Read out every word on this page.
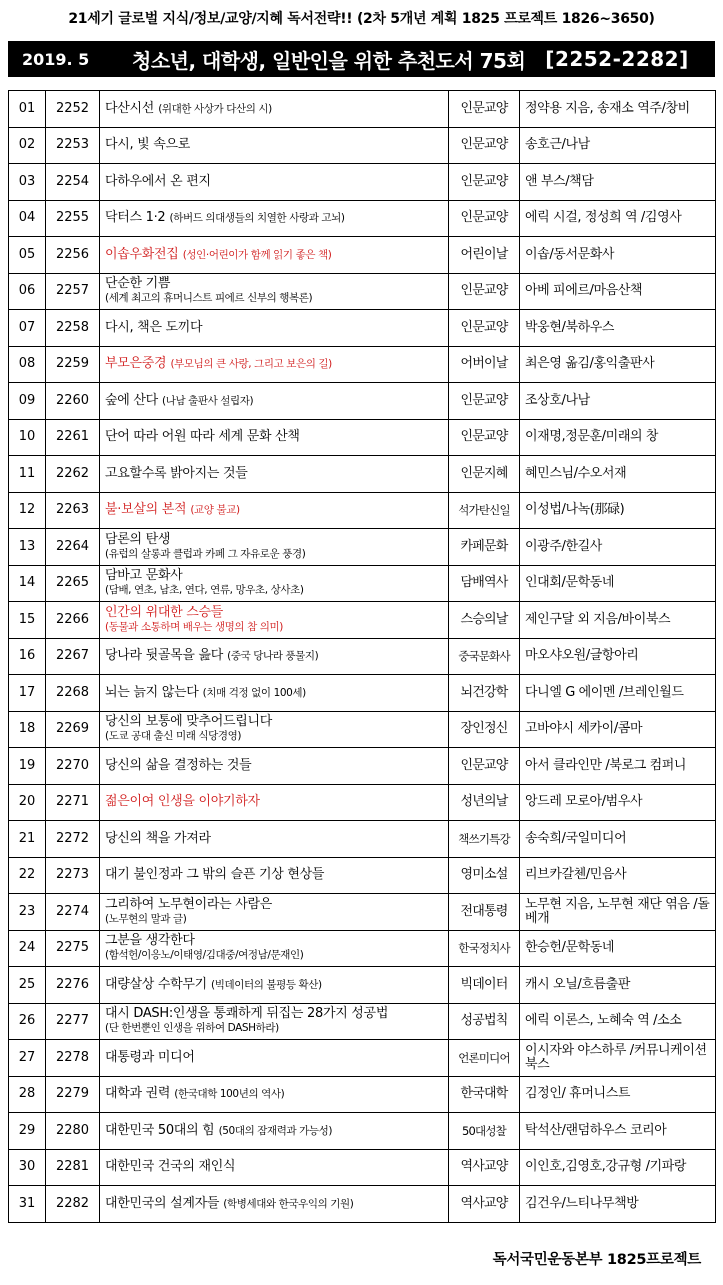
21세기 글로벌 지식/정보/교양/지혜 독서전략!! (2차 5개년 계획 1825 프로젝트 1826~3650)
2019. 5	청소년, 대학생, 일반인을 위한 추천도서 75회 [2252-2282]
01	2252	다산시선 (위대한 사상가 다산의 시)	인문교양	정약용 지음, 송재소 역주/창비
02	2253	다시, 빛 속으로	인문교양	송호근/나남
03	2254	다하우에서 온 편지	인문교양	앤 부스/책담
04	2255	닥터스 1·2 (하버드 의대생들의 치열한 사랑과 고뇌)	인문교양	에릭 시걸, 정성희 역 /김영사
05	2256	이솝우화전집 (성인·어린이가 함께 읽기 좋은 책)	어린이날	이솝/동서문화사
06	2257	단순한 기쁨
(세계 최고의 휴머니스트 피에르 신부의 행복론)	인문교양	아베 피에르/마음산책
07	2258	다시, 책은 도끼다	인문교양	박웅현/북하우스
08	2259	부모은중경 (부모님의 큰 사랑, 그리고 보은의 길)	어버이날	최은영 옮김/홍익출판사
09	2260	숲에 산다 (나남 출판사 설립자)	인문교양	조상호/나남
10	2261	단어 따라 어원 따라 세계 문화 산책	인문교양	이재명,정문훈/미래의 창
11	2262	고요할수록 밝아지는 것들	인문지혜	혜민스님/수오서재
12	2263	불·보살의 본적 (교양 불교)	석가탄신일	이성법/나녹(那碌)
13	2264	담론의 탄생
(유럽의 살롱과 클럽과 카페 그 자유로운 풍경)	카페문화	이광주/한길사
14	2265	담바고 문화사
(담배, 연초, 남초, 연다, 연류, 망우초, 상사초)	담배역사	인대회/문학동네
15	2266	인간의 위대한 스승들
(동물과 소통하며 배우는 생명의 참 의미)	스승의날	제인구달 외 지음/바이북스
16	2267	당나라 뒷골목을 읊다 (중국 당나라 풍물지)	중국문화사	마오샤오원/글항아리
17	2268	뇌는 늙지 않는다 (치매 걱정 없이 100세)	뇌건강학	다니엘 G 에이멘 /브레인월드
18	2269	당신의 보통에 맞추어드립니다
(도쿄 공대 출신 미래 식당경영)	장인정신	고바야시 세카이/콤마
19	2270	당신의 삶을 결정하는 것들	인문교양	아서 클라인만 /북로그 컴퍼니
20	2271	젊은이여 인생을 이야기하자	성년의날	앙드레 모로아/범우사
21	2272	당신의 책을 가져라	책쓰기특강	송숙희/국일미디어
22	2273	대기 불인정과 그 밖의 슬픈 기상 현상들	영미소설	리브카갈첸/민음사
23	2274	그리하여 노무현이라는 사람은
(노무현의 말과 글)	전대통령	노무현 지음, 노무현 재단 엮음 /돌베개
24	2275	그분을 생각한다
(함석헌/이응노/이태영/김대중/여정남/문재인)	한국정치사	한승헌/문학동네
25	2276	대량살상 수학무기 (빅데이터의 불평등 확산)	빅데이터	캐시 오닐/흐름출판
26	2277	대시 DASH:인생을 통쾌하게 뒤집는 28가지 성공법
(단 한번뿐인 인생을 위하여 DASH하라)	성공법칙	에릭 이론스, 노혜숙 역 /소소
27	2278	대통령과 미디어	언론미디어	이시자와 야스하루 /커뮤니케이션 북스
28	2279	대학과 권력 (한국대학 100년의 역사)	한국대학	김정인/ 휴머니스트
29	2280	대한민국 50대의 힘 (50대의 잠재력과 가능성)	50대성찰	탁석산/랜덤하우스 코리아
30	2281	대한민국 건국의 재인식	역사교양	이인호,김영호,강규형 /기파랑
31	2282	대한민국의 설계자들 (학병세대와 한국우익의 기원)	역사교양	김건우/느티나무책방
독서국민운동본부 1825프로젝트
